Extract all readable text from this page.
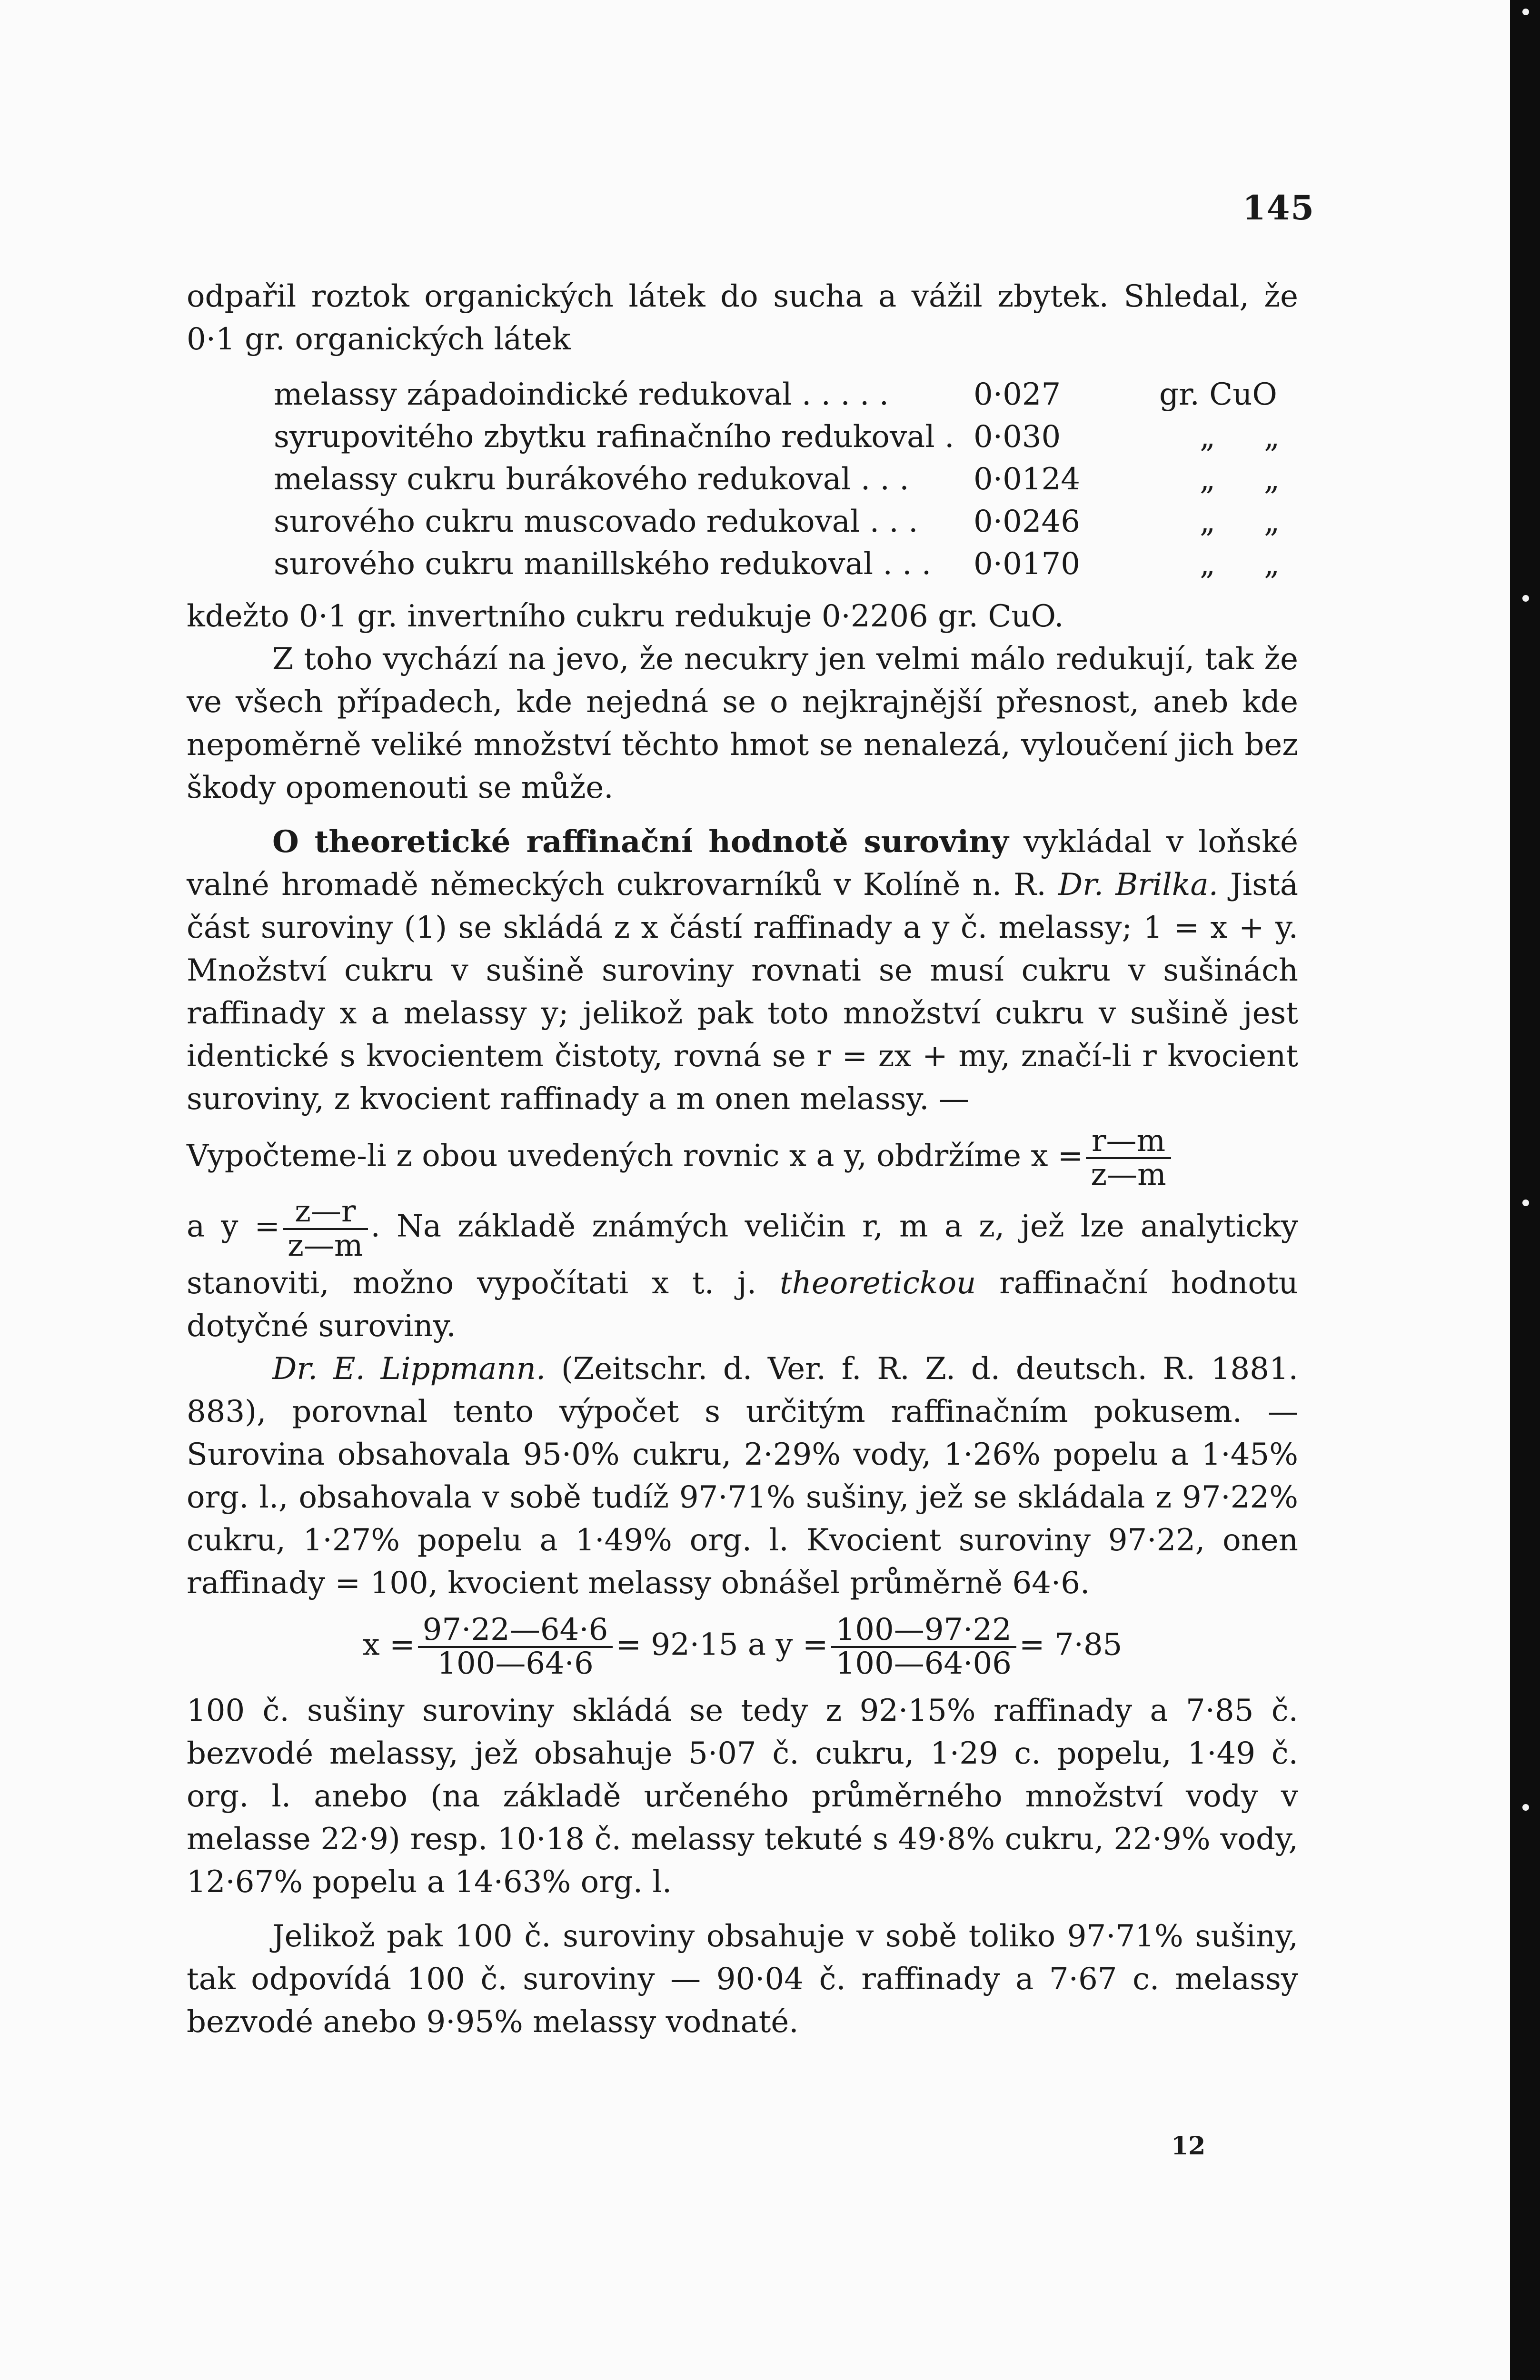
145

odpařil roztok organických látek do sucha a vážil zbytek. Shledal, že 0·1 gr. organických látek

melassy západoindické redukoval . . . . .	0·027	gr. CuO
syrupovitého zbytku rafinačního redukoval . 0·030	„ „
melassy cukru burákového redukoval . . . 0·0124	„ „
surového cukru muscovado redukoval . . . 0·0246	„ „
surového cukru manillského redukoval . . . 0·0170	„ „

kdežto 0·1 gr. invertního cukru redukuje 0·2206 gr. CuO.

Z toho vychází na jevo, že necukry jen velmi málo redukují, tak že ve všech případech, kde nejedná se o nejkrajnější přesnost, aneb kde nepoměrně veliké množství těchto hmot se nenalezá, vyloučení jich bez škody opomenouti se může.

O theoretické raffinační hodnotě suroviny vykládal v loňské valné hromadě německých cukrovarníků v Kolíně n. R. Dr. Brilka. Jistá část suroviny (1) se skládá z x částí raffinady a y č. melassy; 1 = x + y. Množství cukru v sušině suroviny rovnati se musí cukru v sušinách raffinady x a melassy y; jelikož pak toto množství cukru v sušině jest identické s kvocientem čistoty, rovná se r = zx + my, značí-li r kvocient suroviny, z kvocient raffinady a m onen melassy. —

Vypočteme-li z obou uvedených rovnic x a y, obdržíme $x = \frac{r—m}{z—m}$

a $y = \frac{z—r}{z—m}$ . Na základě známých veličin r, m a z, jež lze analyticky stanoviti, možno vypočítati x t. j. theoretickou raffinační hodnotu dotyčné suroviny.

Dr. E. Lippmann. (Zeitschr. d. Ver. f. R. Z. d. deutsch. R. 1881. 883), porovnal tento výpočet s určitým raffinačním pokusem. — Surovina obsahovala 95·0% cukru, 2·29% vody, 1·26% popelu a 1·45% org. l., obsahovala v sobě tudíž 97·71% sušiny, jež se skládala z 97·22% cukru, 1·27% popelu a 1·49% org. l. Kvocient suroviny 97·22, onen raffinady = 100, kvocient melassy obnášel průměrně 64·6.

$x = \frac{97\cdot 22—64\cdot 6}{100—64\cdot 6} = 92\cdot 15$ a $y = \frac{100—97\cdot 22}{100—64\cdot 06} = 7\cdot 85$

100 č. sušiny suroviny skládá se tedy z 92·15% raffinady a 7·85 č. bezvodé melassy, jež obsahuje 5·07 č. cukru, 1·29 c. popelu, 1·49 č. org. l. anebo (na základě určeného průměrného množství vody v melasse 22·9) resp. 10·18 č. melassy tekuté s 49·8% cukru, 22·9% vody, 12·67% popelu a 14·63% org. l.

Jelikož pak 100 č. suroviny obsahuje v sobě toliko 97·71% sušiny, tak odpovídá 100 č. suroviny — 90·04 č. raffinady a 7·67 c. melassy bezvodé anebo 9·95% melassy vodnaté.

12
